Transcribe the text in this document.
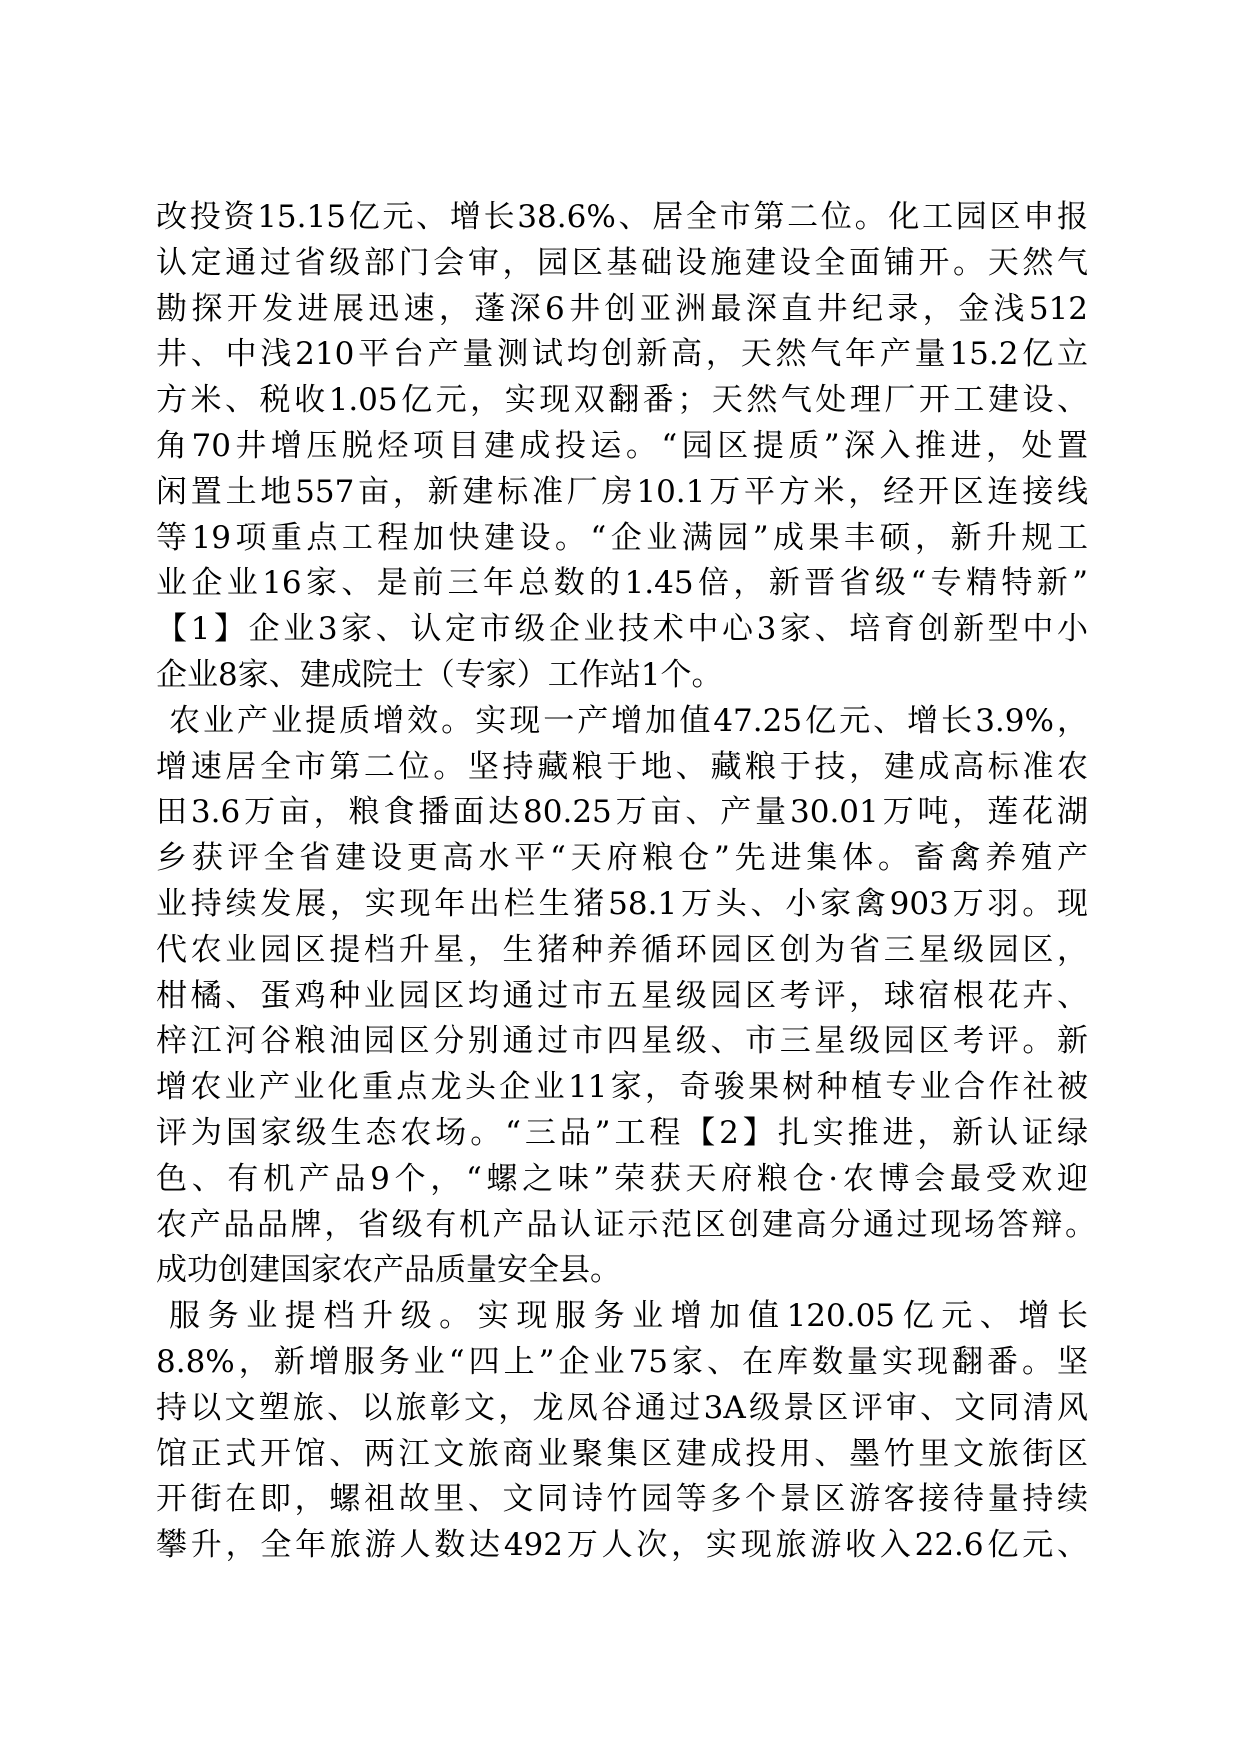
改投资15.15亿元、增长38.6%、居全市第二位。化工园区申报
认定通过省级部门会审，园区基础设施建设全面铺开。天然气
勘探开发进展迅速，蓬深6井创亚洲最深直井纪录，金浅512
井、中浅210平台产量测试均创新高，天然气年产量15.2亿立
方米、税收1.05亿元，实现双翻番；天然气处理厂开工建设、
角70井增压脱烃项目建成投运。“园区提质”深入推进，处置
闲置土地557亩，新建标准厂房10.1万平方米，经开区连接线
等19项重点工程加快建设。“企业满园”成果丰硕，新升规工
业企业16家、是前三年总数的1.45倍，新晋省级“专精特新”
【1】企业3家、认定市级企业技术中心3家、培育创新型中小
企业8家、建成院士（专家）工作站1个。
农业产业提质增效。实现一产增加值47.25亿元、增长3.9%，
增速居全市第二位。坚持藏粮于地、藏粮于技，建成高标准农
田3.6万亩，粮食播面达80.25万亩、产量30.01万吨，莲花湖
乡获评全省建设更高水平“天府粮仓”先进集体。畜禽养殖产
业持续发展，实现年出栏生猪58.1万头、小家禽903万羽。现
代农业园区提档升星，生猪种养循环园区创为省三星级园区，
柑橘、蛋鸡种业园区均通过市五星级园区考评，球宿根花卉、
梓江河谷粮油园区分别通过市四星级、市三星级园区考评。新
增农业产业化重点龙头企业11家，奇骏果树种植专业合作社被
评为国家级生态农场。“三品”工程【2】扎实推进，新认证绿
色、有机产品9个，“螺之味”荣获天府粮仓·农博会最受欢迎
农产品品牌，省级有机产品认证示范区创建高分通过现场答辩。
成功创建国家农产品质量安全县。
服务业提档升级。实现服务业增加值120.05亿元、增长
8.8%，新增服务业“四上”企业75家、在库数量实现翻番。坚
持以文塑旅、以旅彰文，龙凤谷通过3A级景区评审、文同清风
馆正式开馆、两江文旅商业聚集区建成投用、墨竹里文旅街区
开街在即，螺祖故里、文同诗竹园等多个景区游客接待量持续
攀升，全年旅游人数达492万人次，实现旅游收入22.6亿元、
